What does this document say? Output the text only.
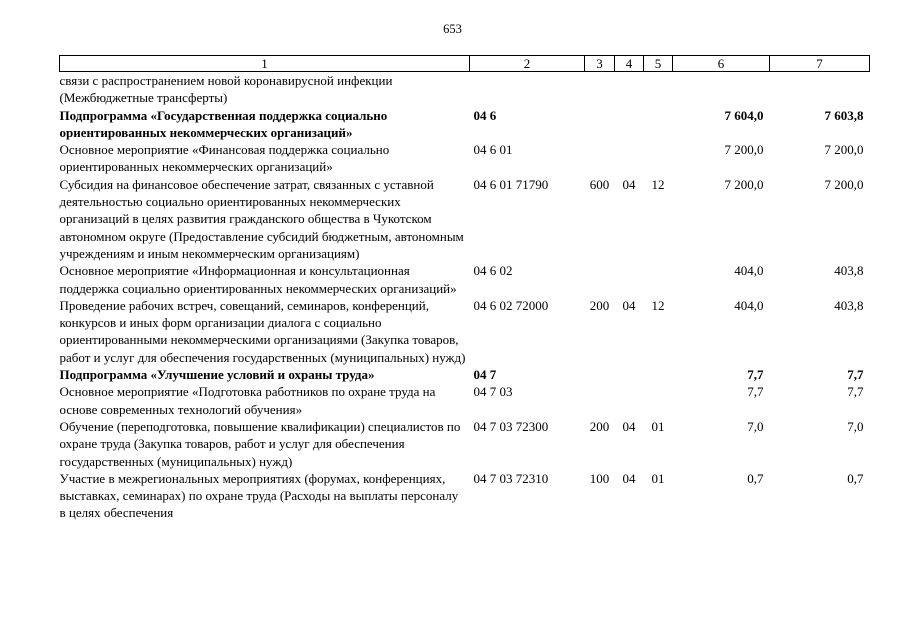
653
1	2	3	4	5	6	7
связи с распространением новой коронавирусной инфекции (Межбюджетные трансферты)						
Подпрограмма «Государственная поддержка социально ориентированных некоммерческих организаций»	04 6				7 604,0	7 603,8
Основное мероприятие «Финансовая поддержка социально ориентированных некоммерческих организаций»	04 6 01				7 200,0	7 200,0
Субсидия на финансовое обеспечение затрат, связанных с уставной деятельностью социально ориентированных некоммерческих организаций в целях развития гражданского общества в Чукотском автономном округе (Предоставление субсидий бюджетным, автономным учреждениям и иным некоммерческим организациям)	04 6 01 71790	600	04	12	7 200,0	7 200,0
Основное мероприятие «Информационная и консультационная поддержка социально ориентированных некоммерческих организаций»	04 6 02				404,0	403,8
Проведение рабочих встреч, совещаний, семинаров, конференций, конкурсов и иных форм организации диалога с социально ориентированными некоммерческими организациями (Закупка товаров, работ и услуг для обеспечения государственных (муниципальных) нужд)	04 6 02 72000	200	04	12	404,0	403,8
Подпрограмма «Улучшение условий и охраны труда»	04 7				7,7	7,7
Основное мероприятие «Подготовка работников по охране труда на основе современных технологий обучения»	04 7 03				7,7	7,7
Обучение (переподготовка, повышение квалификации) специалистов по охране труда (Закупка товаров, работ и услуг для обеспечения государственных (муниципальных) нужд)	04 7 03 72300	200	04	01	7,0	7,0
Участие в межрегиональных мероприятиях (форумах, конференциях, выставках, семинарах) по охране труда (Расходы на выплаты персоналу в целях обеспечения	04 7 03 72310	100	04	01	0,7	0,7
